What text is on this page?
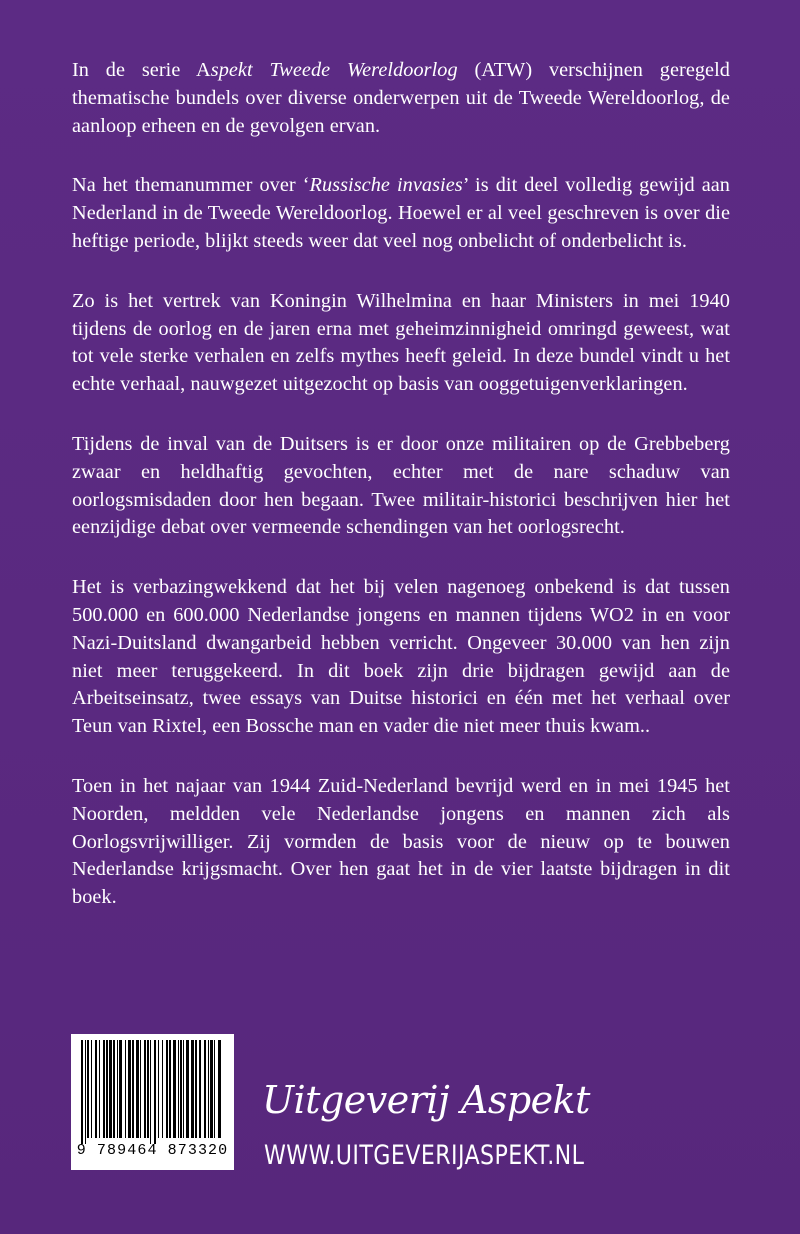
In de serie Aspekt Tweede Wereldoorlog (ATW) verschijnen geregeld thematische bundels over diverse onderwerpen uit de Tweede Wereldoorlog, de aanloop erheen en de gevolgen ervan.

Na het themanummer over ‘Russische invasies’ is dit deel volledig gewijd aan Nederland in de Tweede Wereldoorlog. Hoewel er al veel geschreven is over die heftige periode, blijkt steeds weer dat veel nog onbelicht of onderbelicht is.

Zo is het vertrek van Koningin Wilhelmina en haar Ministers in mei 1940 tijdens de oorlog en de jaren erna met geheimzinnigheid omringd geweest, wat tot vele sterke verhalen en zelfs mythes heeft geleid. In deze bundel vindt u het echte verhaal, nauwgezet uitgezocht op basis van ooggetuigenverklaringen.

Tijdens de inval van de Duitsers is er door onze militairen op de Grebbeberg zwaar en heldhaftig gevochten, echter met de nare schaduw van oorlogsmisdaden door hen begaan. Twee militair-historici beschrijven hier het eenzijdige debat over vermeende schendingen van het oorlogsrecht.

Het is verbazingwekkend dat het bij velen nagenoeg onbekend is dat tussen 500.000 en 600.000 Nederlandse jongens en mannen tijdens WO2 in en voor Nazi-Duitsland dwangarbeid hebben verricht. Ongeveer 30.000 van hen zijn niet meer teruggekeerd. In dit boek zijn drie bijdragen gewijd aan de Arbeitseinsatz, twee essays van Duitse historici en één met het verhaal over Teun van Rixtel, een Bossche man en vader die niet meer thuis kwam..

Toen in het najaar van 1944 Zuid-Nederland bevrijd werd en in mei 1945 het Noorden, meldden vele Nederlandse jongens en mannen zich als Oorlogsvrijwilliger. Zij vormden de basis voor de nieuw op te bouwen Nederlandse krijgsmacht. Over hen gaat het in de vier laatste bijdragen in dit boek.

9 789464 873320
Uitgeverij Aspekt
WWW.UITGEVERIJASPEKT.NL
